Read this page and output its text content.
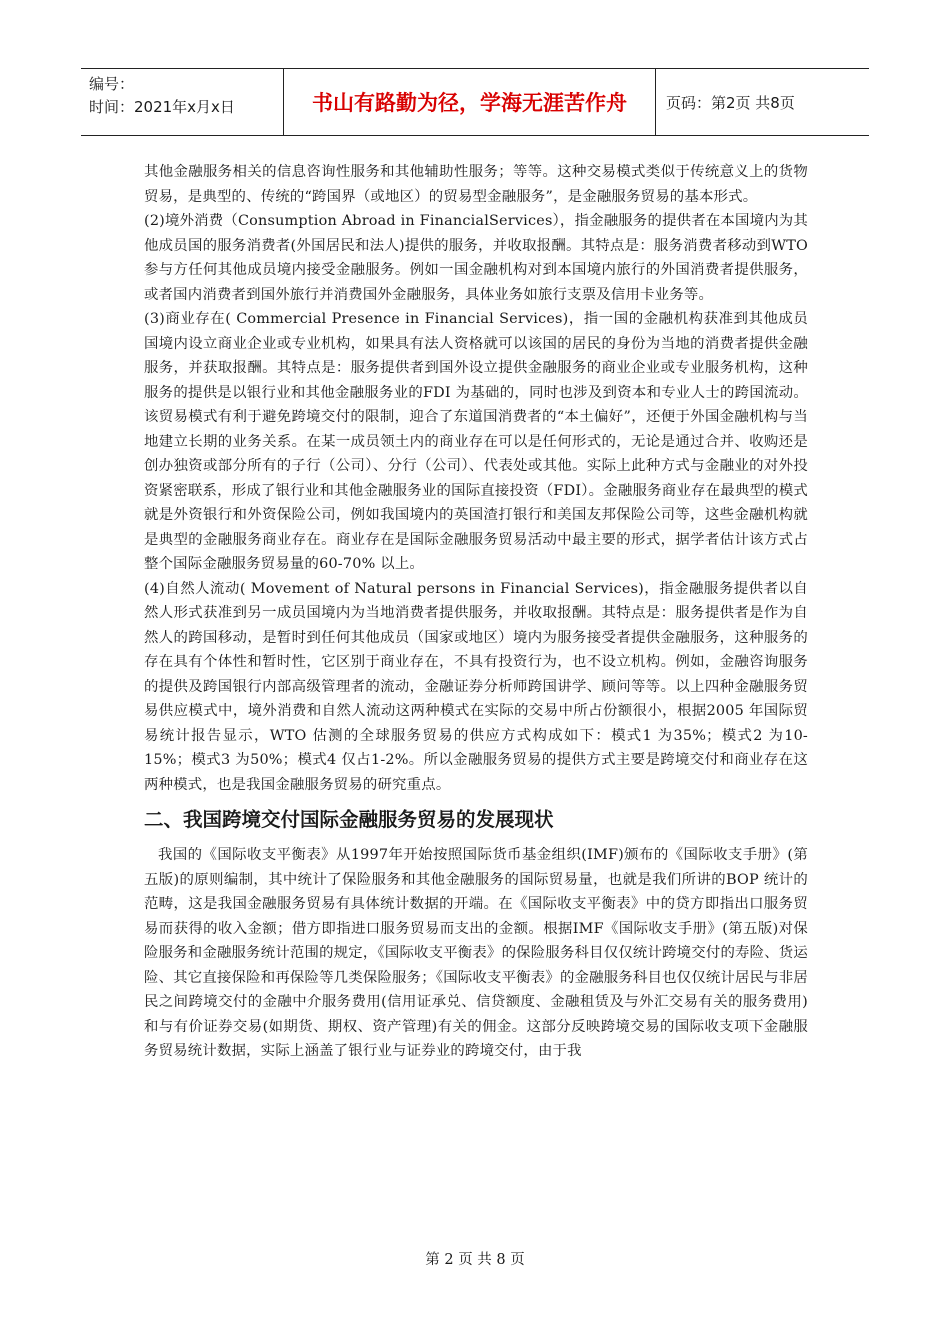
编号：
时间：2021年x月x日	书山有路勤为径，学海无涯苦作舟	页码：第2页 共8页

其他金融服务相关的信息咨询性服务和其他辅助性服务；等等。这种交易模式类似于传统意义上的货物贸易，是典型的、传统的“跨国界（或地区）的贸易型金融服务”，是金融服务贸易的基本形式。

(2)境外消费（Consumption Abroad in FinancialServices），指金融服务的提供者在本国境内为其他成员国的服务消费者(外国居民和法人)提供的服务，并收取报酬。其特点是：服务消费者移动到WTO 参与方任何其他成员境内接受金融服务。例如一国金融机构对到本国境内旅行的外国消费者提供服务，或者国内消费者到国外旅行并消费国外金融服务，具体业务如旅行支票及信用卡业务等。

(3)商业存在( Commercial Presence in Financial Services)，指一国的金融机构获准到其他成员国境内设立商业企业或专业机构，如果具有法人资格就可以该国的居民的身份为当地的消费者提供金融服务，并获取报酬。其特点是：服务提供者到国外设立提供金融服务的商业企业或专业服务机构，这种服务的提供是以银行业和其他金融服务业的FDI 为基础的，同时也涉及到资本和专业人士的跨国流动。该贸易模式有利于避免跨境交付的限制，迎合了东道国消费者的“本土偏好”，还便于外国金融机构与当地建立长期的业务关系。在某一成员领土内的商业存在可以是任何形式的，无论是通过合并、收购还是创办独资或部分所有的子行（公司）、分行（公司）、代表处或其他。实际上此种方式与金融业的对外投资紧密联系，形成了银行业和其他金融服务业的国际直接投资（FDI）。金融服务商业存在最典型的模式就是外资银行和外资保险公司，例如我国境内的英国渣打银行和美国友邦保险公司等，这些金融机构就是典型的金融服务商业存在。商业存在是国际金融服务贸易活动中最主要的形式，据学者估计该方式占整个国际金融服务贸易量的60-70% 以上。

(4)自然人流动( Movement of Natural persons in Financial Services)，指金融服务提供者以自然人形式获准到另一成员国境内为当地消费者提供服务，并收取报酬。其特点是：服务提供者是作为自然人的跨国移动，是暂时到任何其他成员（国家或地区）境内为服务接受者提供金融服务，这种服务的存在具有个体性和暂时性，它区别于商业存在，不具有投资行为，也不设立机构。例如，金融咨询服务的提供及跨国银行内部高级管理者的流动，金融证券分析师跨国讲学、顾问等等。以上四种金融服务贸易供应模式中，境外消费和自然人流动这两种模式在实际的交易中所占份额很小，根据2005 年国际贸易统计报告显示，WTO 估测的全球服务贸易的供应方式构成如下：模式1 为35%；模式2 为10-15%；模式3 为50%；模式4 仅占1-2%。所以金融服务贸易的提供方式主要是跨境交付和商业存在这两种模式，也是我国金融服务贸易的研究重点。

二、我国跨境交付国际金融服务贸易的发展现状

我国的《国际收支平衡表》从1997年开始按照国际货币基金组织(IMF)颁布的《国际收支手册》(第五版)的原则编制，其中统计了保险服务和其他金融服务的国际贸易量，也就是我们所讲的BOP 统计的范畴，这是我国金融服务贸易有具体统计数据的开端。在《国际收支平衡表》中的贷方即指出口服务贸易而获得的收入金额；借方即指进口服务贸易而支出的金额。根据IMF《国际收支手册》(第五版)对保险服务和金融服务统计范围的规定，《国际收支平衡表》的保险服务科目仅仅统计跨境交付的寿险、货运险、其它直接保险和再保险等几类保险服务；《国际收支平衡表》的金融服务科目也仅仅统计居民与非居民之间跨境交付的金融中介服务费用(信用证承兑、信贷额度、金融租赁及与外汇交易有关的服务费用)和与有价证券交易(如期货、期权、资产管理)有关的佣金。这部分反映跨境交易的国际收支项下金融服务贸易统计数据，实际上涵盖了银行业与证券业的跨境交付，由于我

第 2 页 共 8 页
